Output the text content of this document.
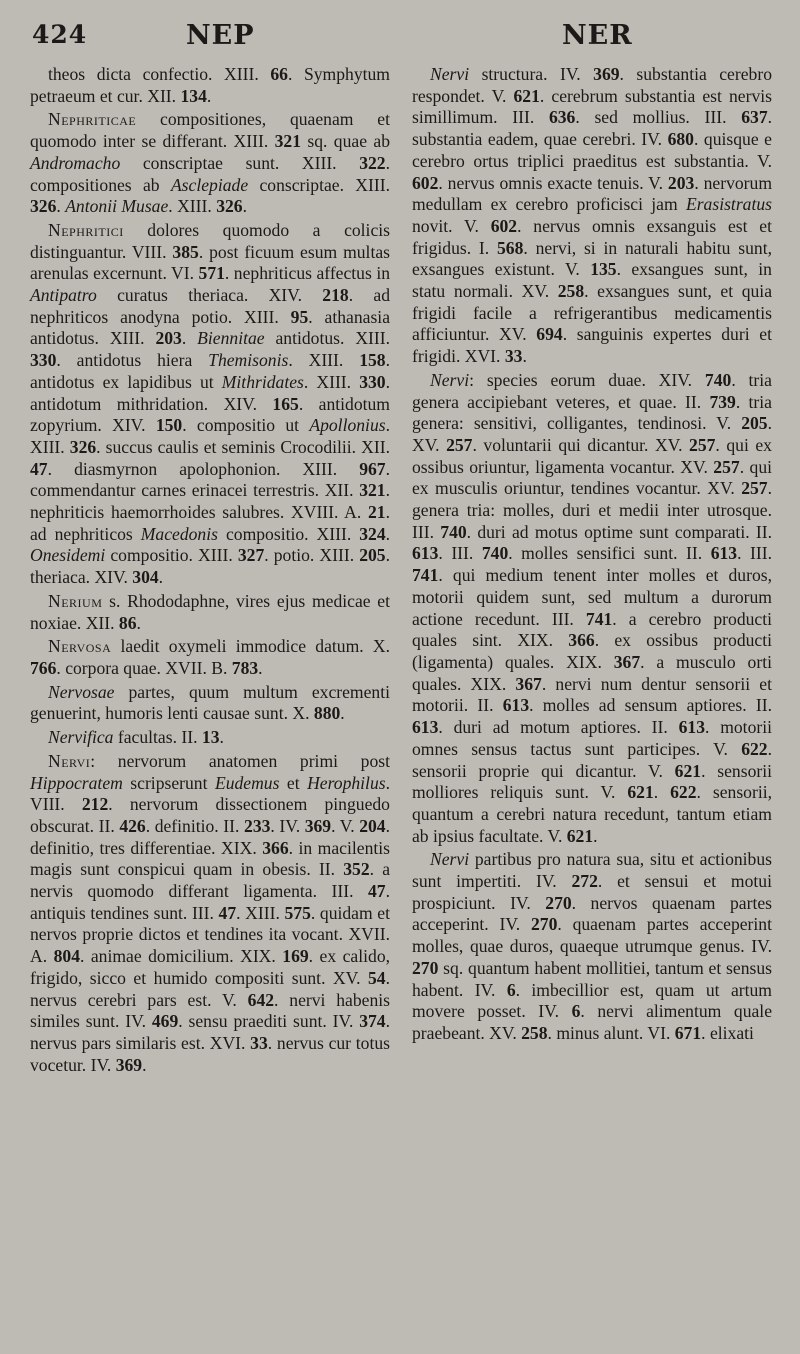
424	NEP	NER

theos dicta confectio. XIII. 66. Symphytum petraeum et cur. XII. 134.

Nephriticae compositiones, quaenam et quomodo inter se differant. XIII. 321 sq. quae ab Andromacho conscriptae sunt. XIII. 322. compositiones ab Asclepiade conscriptae. XIII. 326. Antonii Musae. XIII. 326.

Nephritici dolores quomodo a colicis distinguantur. VIII. 385. post ficuum esum multas arenulas excernunt. VI. 571. nephriticus affectus in Antipatro curatus theriaca. XIV. 218. ad nephriticos anodyna potio. XIII. 95. athanasia antidotus. XIII. 203. Biennitae antidotus. XIII. 330. antidotus hiera Themisonis. XIII. 158. antidotus ex lapidibus ut Mithridates. XIII. 330. antidotum mithridation. XIV. 165. antidotum zopyrium. XIV. 150. compositio ut Apollonius. XIII. 326. succus caulis et seminis Crocodilii. XII. 47. diasmyrnon apolophonion. XIII. 967. commendantur carnes erinacei terrestris. XII. 321. nephriticis haemorrhoides salubres. XVIII. A. 21. ad nephriticos Macedonis compositio. XIII. 324. Onesidemi compositio. XIII. 327. potio. XIII. 205. theriaca. XIV. 304.

Nerium s. Rhododaphne, vires ejus medicae et noxiae. XII. 86.

Nervosa laedit oxymeli immodice datum. X. 766. corpora quae. XVII. B. 783.

Nervosae partes, quum multum excrementi genuerint, humoris lenti causae sunt. X. 880.

Nervifica facultas. II. 13.

Nervi: nervorum anatomen primi post Hippocratem scripserunt Eudemus et Herophilus. VIII. 212. nervorum dissectionem pinguedo obscurat. II. 426. definitio. II. 233. IV. 369. V. 204. definitio, tres differentiae. XIX. 366. in macilentis magis sunt conspicui quam in obesis. II. 352. a nervis quomodo differant ligamenta. III. 47. antiquis tendines sunt. III. 47. XIII. 575. quidam et nervos proprie dictos et tendines ita vocant. XVII. A. 804. animae domicilium. XIX. 169. ex calido, frigido, sicco et humido compositi sunt. XV. 54. nervus cerebri pars est. V. 642. nervi habenis similes sunt. IV. 469. sensu praediti sunt. IV. 374. nervus pars similaris est. XVI. 33. nervus cur totus vocetur. IV. 369.

Nervi structura. IV. 369. substantia cerebro respondet. V. 621. cerebrum substantia est nervis simillimum. III. 636. sed mollius. III. 637. substantia eadem, quae cerebri. IV. 680. quisque e cerebro ortus triplici praeditus est substantia. V. 602. nervus omnis exacte tenuis. V. 203. nervorum medullam ex cerebro proficisci jam Erasistratus novit. V. 602. nervus omnis exsanguis est et frigidus. I. 568. nervi, si in naturali habitu sunt, exsangues existunt. V. 135. exsangues sunt, in statu normali. XV. 258. exsangues sunt, et quia frigidi facile a refrigerantibus medicamentis afficiuntur. XV. 694. sanguinis expertes duri et frigidi. XVI. 33.

Nervi: species eorum duae. XIV. 740. tria genera accipiebant veteres, et quae. II. 739. tria genera: sensitivi, colligantes, tendinosi. V. 205. XV. 257. voluntarii qui dicantur. XV. 257. qui ex ossibus oriuntur, ligamenta vocantur. XV. 257. qui ex musculis oriuntur, tendines vocantur. XV. 257. genera tria: molles, duri et medii inter utrosque. III. 740. duri ad motus optime sunt comparati. II. 613. III. 740. molles sensifici sunt. II. 613. III. 741. qui medium tenent inter molles et duros, motorii quidem sunt, sed multum a durorum actione recedunt. III. 741. a cerebro producti quales sint. XIX. 366. ex ossibus producti (ligamenta) quales. XIX. 367. a musculo orti quales. XIX. 367. nervi num dentur sensorii et motorii. II. 613. molles ad sensum aptiores. II. 613. duri ad motum aptiores. II. 613. motorii omnes sensus tactus sunt participes. V. 622. sensorii proprie qui dicantur. V. 621. sensorii molliores reliquis sunt. V. 621. 622. sensorii, quantum a cerebri natura recedunt, tantum etiam ab ipsius facultate. V. 621.

Nervi partibus pro natura sua, situ et actionibus sunt impertiti. IV. 272. et sensui et motui prospiciunt. IV. 270. nervos quaenam partes acceperint. IV. 270. quaenam partes acceperint molles, quae duros, quaeque utrumque genus. IV. 270 sq. quantum habent mollitiei, tantum et sensus habent. IV. 6. imbecillior est, quam ut artum movere posset. IV. 6. nervi alimentum quale praebeant. XV. 258. minus alunt. VI. 671. elixati
